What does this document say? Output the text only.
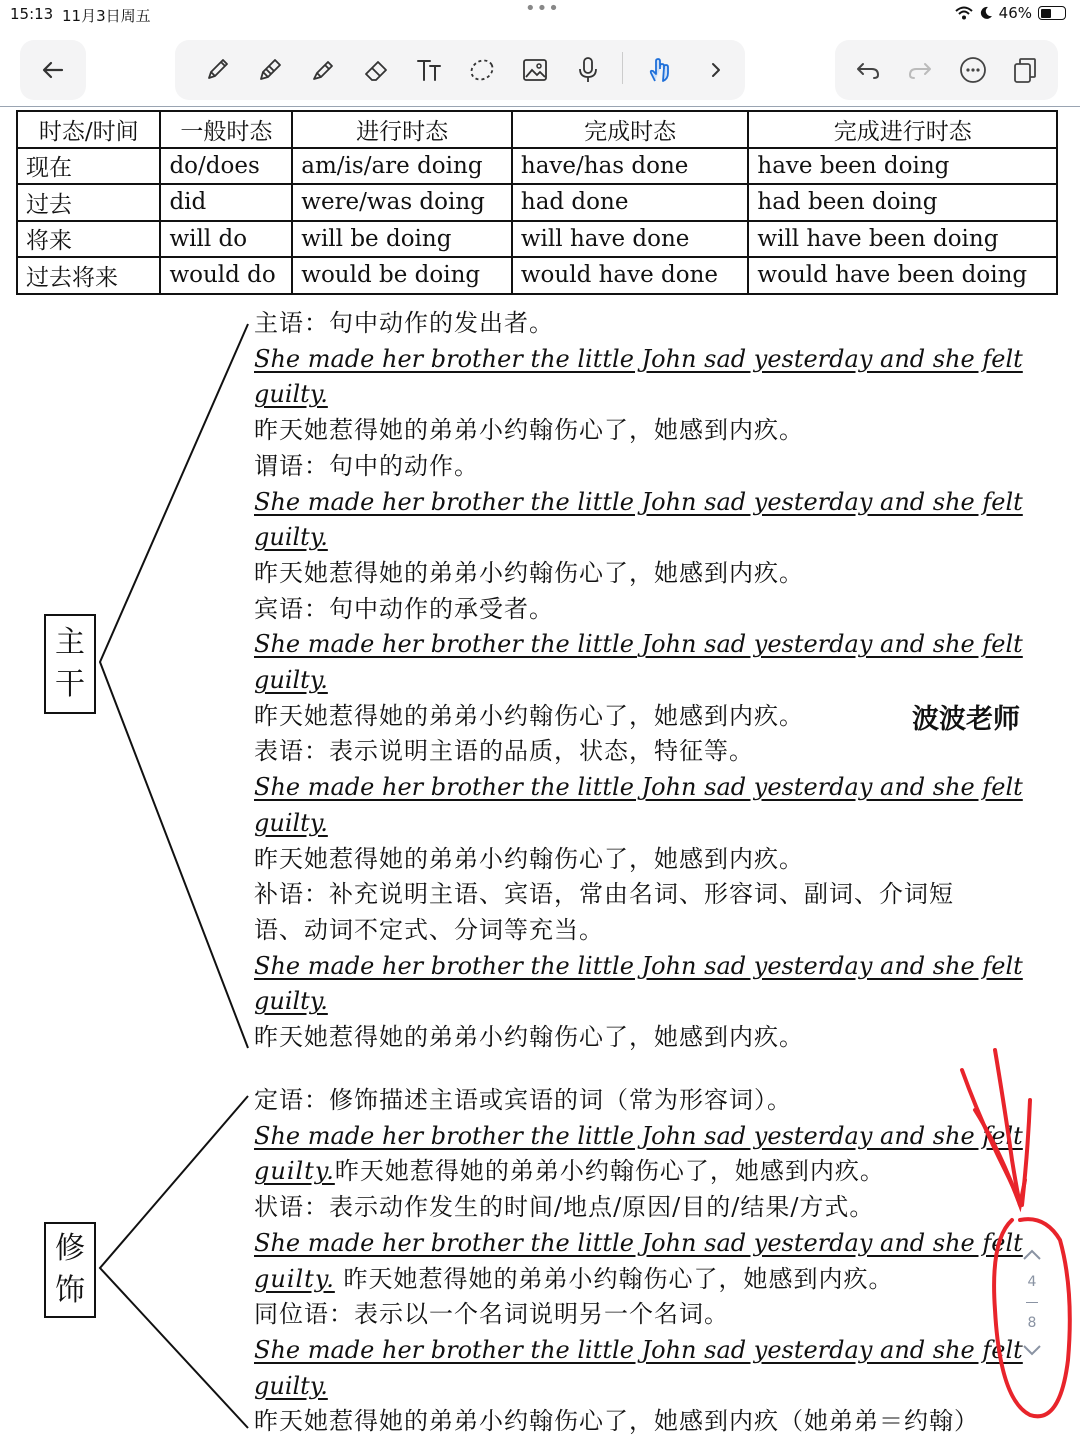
15:13 11月3日周五	•••	46%
时态/时间	一般时态	进行时态	完成时态	完成进行时态
现在	do/does	am/is/are doing	have/has done	have been doing
过去	did	were/was doing	had done	had been doing
将来	will do	will be doing	will have done	will have been doing
过去将来	would do	would be doing	would have done	would have been doing
主
干
主语：句中动作的发出者。
She made her brother the little John sad yesterday and she felt
guilty.
昨天她惹得她的弟弟小约翰伤心了，她感到内疚。
谓语：句中的动作。
She made her brother the little John sad yesterday and she felt
guilty.
昨天她惹得她的弟弟小约翰伤心了，她感到内疚。
宾语：句中动作的承受者。
She made her brother the little John sad yesterday and she felt
guilty.
昨天她惹得她的弟弟小约翰伤心了，她感到内疚。
表语：表示说明主语的品质，状态，特征等。
She made her brother the little John sad yesterday and she felt
guilty.
昨天她惹得她的弟弟小约翰伤心了，她感到内疚。
补语：补充说明主语、宾语，常由名词、形容词、副词、介词短
语、动词不定式、分词等充当。
She made her brother the little John sad yesterday and she felt
guilty.
昨天她惹得她的弟弟小约翰伤心了，她感到内疚。
波波老师
修
饰
定语：修饰描述主语或宾语的词（常为形容词）。
She made her brother the little John sad yesterday and she felt
guilty.昨天她惹得她的弟弟小约翰伤心了，她感到内疚。
状语：表示动作发生的时间/地点/原因/目的/结果/方式。
She made her brother the little John sad yesterday and she felt
guilty. 昨天她惹得她的弟弟小约翰伤心了，她感到内疚。
同位语：表示以一个名词说明另一个名词。
She made her brother the little John sad yesterday and she felt
guilty.
昨天她惹得她的弟弟小约翰伤心了，她感到内疚（她弟弟＝约翰）
4
8
